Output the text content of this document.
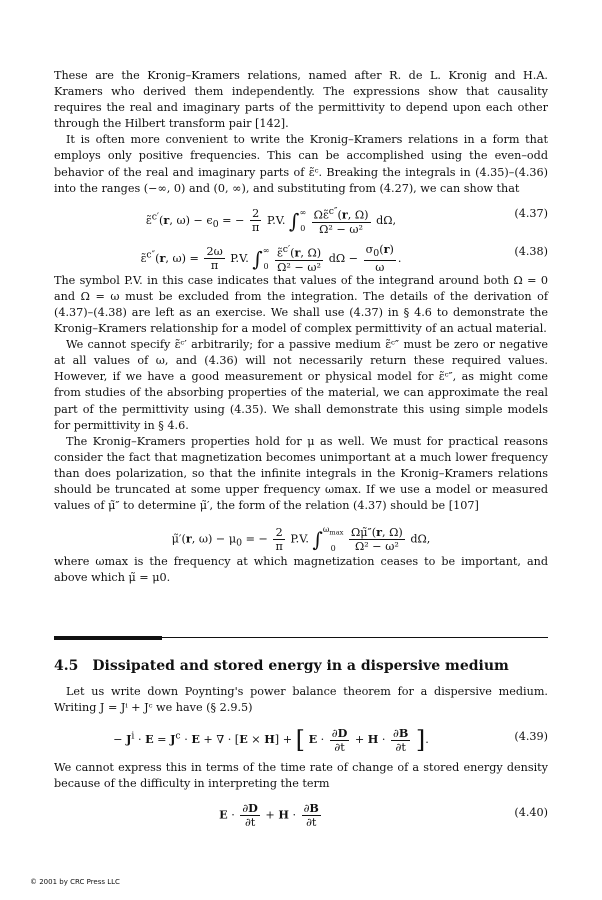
These are the Kronig–Kramers relations, named after R. de L. Kronig and H.A. Kramers who derived them independently. The expressions show that causality requires the real and imaginary parts of the permittivity to depend upon each other through the Hilbert transform pair [142].

It is often more convenient to write the Kronig–Kramers relations in a form that employs only positive frequencies. This can be accomplished using the even–odd behavior of the real and imaginary parts of ε̃ᶜ. Breaking the integrals in (4.35)–(4.36) into the ranges (−∞, 0) and (0, ∞), and substituting from (4.27), we can show that

ε̃$^{c'}$(r, $\omega) - \epsilon_0$ = − $\frac{2}{\pi} P.V$. ∫ ∞
0
$\frac{\Omega\varepsiloñ^{c''}(r, \Omega)}{\text{Ω² − ω²}} d\Omega$,
(4.37)
ε̃$^{c''}$(r, $\omega) = \frac{2\omega}{\pi} P.V$. ∫ ∞
0
$\frac{\varepsiloñ^{c'}(r, \Omega)}{\text{Ω² − ω²}}$ $d\Omega - \frac{\sigma_0(r)}{\omega}$ .
(4.38)

The symbol P.V. in this case indicates that values of the integrand around both Ω = 0 and Ω = ω must be excluded from the integration. The details of the derivation of (4.37)–(4.38) are left as an exercise. We shall use (4.37) in § 4.6 to demonstrate the Kronig–Kramers relationship for a model of complex permittivity of an actual material.

We cannot specify ε̃ᶜ′ arbitrarily; for a passive medium ε̃ᶜ″ must be zero or negative at all values of ω, and (4.36) will not necessarily return these required values. However, if we have a good measurement or physical model for ε̃ᶜ″, as might come from studies of the absorbing properties of the material, we can approximate the real part of the permittivity using (4.35). We shall demonstrate this using simple models for permittivity in § 4.6.

The Kronig–Kramers properties hold for μ as well. We must for practical reasons consider the fact that magnetization becomes unimportant at a much lower frequency than does polarization, so that the infinite integrals in the Kronig–Kramers relations should be truncated at some upper frequency ωmax. If we use a model or measured values of μ̃″ to determine μ̃′, the form of the relation (4.37) should be [107]

μ̃′(r, $\omega) - \mu_0$ = − $\frac{2}{\pi} P.V$. ∫ $\omega_{max}$
0
	$\frac{\Omega\mũ''(r, \Omega)}{\text{Ω² − ω²}} d\Omega$,

where ωmax is the frequency at which magnetization ceases to be important, and above which μ̃ = μ0.

4.5 Dissipated and stored energy in a dispersive medium

Let us write down Poynting's power balance theorem for a dispersive medium. Writing J = Jⁱ + Jᶜ we have (§ 2.9.5)

− $J^i \cdot E = J^c \cdot E$ + ∇ · [E × H] + [ $E \cdot \frac{\partial D}{\partial t} + H \cdot \frac{\partial B}{\partial t}$ ].	(4.39)

We cannot express this in terms of the time rate of change of a stored energy density because of the difficulty in interpreting the term

$E \cdot \frac{\partial D}{\partial t} + H \cdot \frac{\partial B}{\partial t}$	(4.40)
© 2001 by CRC Press LLC
